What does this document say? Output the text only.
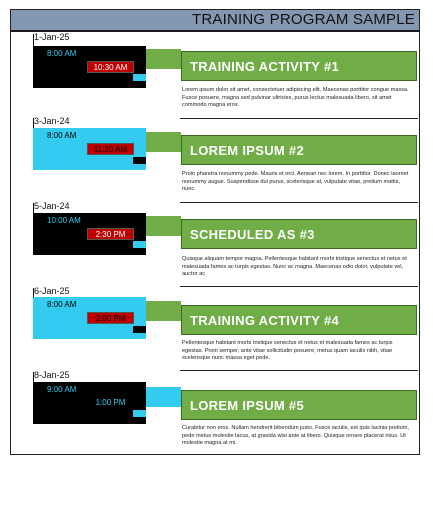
TRAINING PROGRAM SAMPLE
1-Jan-25
8:00 AM
10:30 AM	TRAINING ACTIVITY #1
Lorem ipsum dolor sit amet, consectetuer adipiscing elit. Maecenas porttitor congue massa. Fusce posuere, magna sed pulvinar ultricies, purus lectus malesuada libero, sit amet commodo magna eros.
3-Jan-24
8:00 AM
11:30 AM	LOREM IPSUM #2
Proin pharetra nonummy pede. Mauris et orci. Aenean nec lorem. In porttitor. Donec laoreet nonummy augue. Suspendisse dui purus, scelerisque at, vulputate vitae, pretium mattis, nunc.
5-Jan-24
10:00 AM
2:30 PM	SCHEDULED AS #3
Quisque aliquam tempor magna. Pellentesque habitant morbi tristique senectus et netus et malesuada fames ac turpis egestas. Nunc ac magna. Maecenas odio dolor, vulputate vel, auctor ac
6-Jan-25
8:00 AM
2:00 PM	TRAINING ACTIVITY #4
Pellentesque habitant morbi tristique senectus et netus et malesuada fames ac turpis egestas. Proin semper, ante vitae sollicitudin posuere, metus quam iaculis nibh, vitae scelerisque nunc massa eget pede.
8-Jan-25
9:00 AM
1:00 PM	LOREM IPSUM #5
Curabitur non eros. Nullam hendrerit bibendum justo. Fusce iaculis, est quis lacinia pretium, pede metus molestie lacus, at gravida wisi ante at libero. Quisque ornare placerat risus. Ut molestie magna at mi.
